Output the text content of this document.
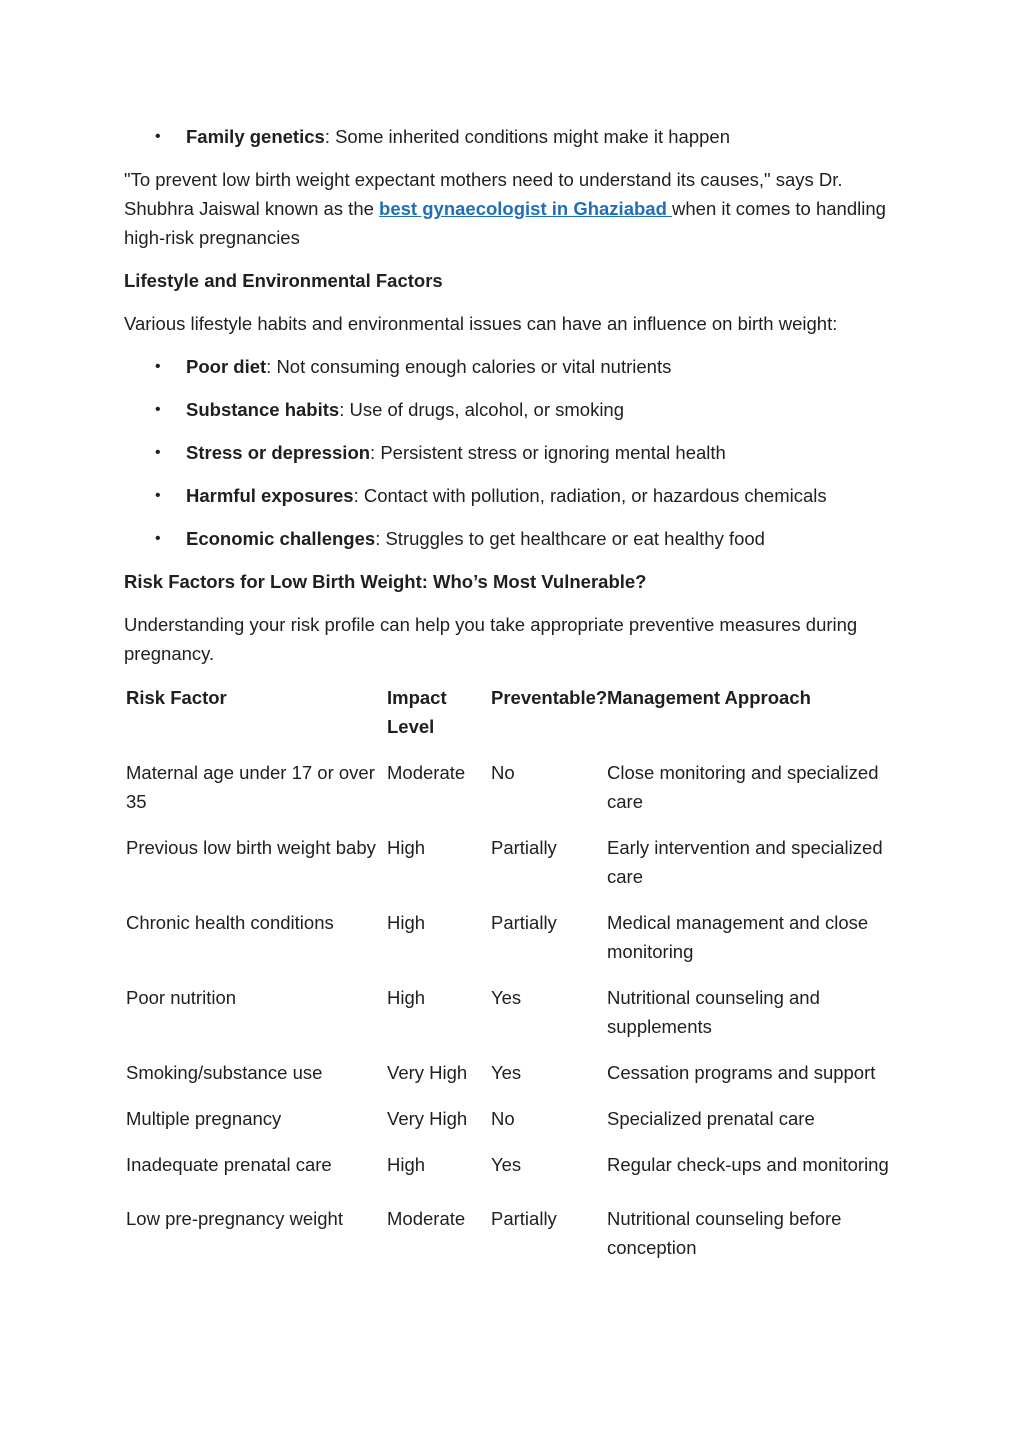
• Family genetics: Some inherited conditions might make it happen

"To prevent low birth weight expectant mothers need to understand its causes," says Dr. Shubhra Jaiswal known as the best gynaecologist in Ghaziabad when it comes to handling high-risk pregnancies

Lifestyle and Environmental Factors

Various lifestyle habits and environmental issues can have an influence on birth weight:

• Poor diet: Not consuming enough calories or vital nutrients
• Substance habits: Use of drugs, alcohol, or smoking
• Stress or depression: Persistent stress or ignoring mental health
• Harmful exposures: Contact with pollution, radiation, or hazardous chemicals
• Economic challenges: Struggles to get healthcare or eat healthy food

Risk Factors for Low Birth Weight: Who’s Most Vulnerable?

Understanding your risk profile can help you take appropriate preventive measures during pregnancy.

Risk Factor	Impact Level	Preventable?	Management Approach
Maternal age under 17 or over 35	Moderate	No	Close monitoring and specialized care
Previous low birth weight baby	High	Partially	Early intervention and specialized care
Chronic health conditions	High	Partially	Medical management and close monitoring
Poor nutrition	High	Yes	Nutritional counseling and supplements
Smoking/substance use	Very High	Yes	Cessation programs and support
Multiple pregnancy	Very High	No	Specialized prenatal care
Inadequate prenatal care	High	Yes	Regular check-ups and monitoring
Low pre-pregnancy weight	Moderate	Partially	Nutritional counseling before conception
